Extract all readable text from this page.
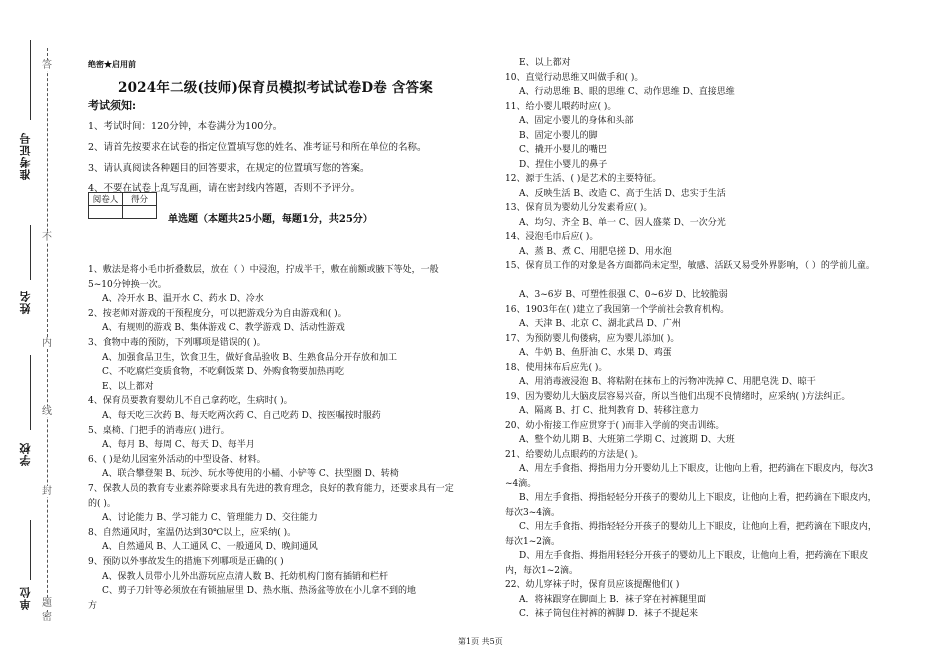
准考证号
姓名
学校
单位
密
封
线
内
不
答
题
绝密★启用前
2024年二级(技师)保育员模拟考试试卷D卷 含答案
考试须知:
1、考试时间：120分钟，本卷满分为100分。
2、请首先按要求在试卷的指定位置填写您的姓名、准考证号和所在单位的名称。
3、请认真阅读各种题目的回答要求，在规定的位置填写您的答案。
4、不要在试卷上乱写乱画，请在密封线内答题，否则不予评分。
阅卷人	得分

单选题（本题共25小题，每题1分，共25分）
1、敷法是将小毛巾折叠数层，放在（ ）中浸泡，拧成半干，敷在前额或腋下等处，一般
5~10分钟换一次。
A、冷开水 B、温开水 C、药水 D、冷水
2、按老师对游戏的干预程度分，可以把游戏分为自由游戏和( )。
A、有规则的游戏 B、集体游戏 C、教学游戏 D、活动性游戏
3、食物中毒的预防，下列哪项是错误的( )。
A、加强食品卫生，饮食卫生，做好食品验收 B、生熟食品分开存放和加工
C、不吃腐烂变质食物，不吃剩饭菜 D、外购食物要加热再吃
E、以上都对
4、保育员要教育婴幼儿不自己拿药吃，生病时( )。
A、每天吃三次药 B、每天吃两次药 C、自己吃药 D、按医嘱按时服药
5、桌椅、门把手的消毒应( )进行。
A、每月 B、每周 C、每天 D、每半月
6、( )是幼儿园室外活动的中型设备、材料。
A、联合攀登架 B、玩沙、玩水等使用的小桶、小铲等 C、扶型圈 D、转椅
7、保教人员的教育专业素养除要求具有先进的教育理念，良好的教育能力，还要求具有一定
的( )。
A、讨论能力 B、学习能力 C、管理能力 D、交往能力
8、自然通风时，室温仍达到30℃以上，应采纳( )。
A、自然通风 B、人工通风 C、一般通风 D、晚间通风
9、预防以外事故发生的措施下列哪项是正确的( )
A、保教人员带小儿外出游玩应点清人数 B、托幼机构门窗有插销和栏杆
C、剪子刀针等必须放在有锁抽屉里 D、热水瓶、热汤盆等放在小儿拿不到的地
方
E、以上都对
10、直觉行动思维又叫做手和( )。
A、行动思维 B、眼的思维 C、动作思维 D、直接思维
11、给小婴儿喂药时应( )。
A、固定小婴儿的身体和头部
B、固定小婴儿的脚
C、撬开小婴儿的嘴巴
D、捏住小婴儿的鼻子
12、源于生活、( )是艺术的主要特征。
A、反映生活 B、改造 C、高于生活 D、忠实于生活
13、保育员为婴幼儿分发素肴应( )。
A、均匀、齐全 B、单一 C、因人盛菜 D、一次分光
14、浸泡毛巾后应( )。
A、蒸 B、煮 C、用肥皂搓 D、用水泡
15、保育员工作的对象是各方面都尚未定型，敏感、活跃又易受外界影响，（ ）的学前儿童。
A、3~6岁 B、可塑性很强 C、0~6岁 D、比较脆弱
16、1903年在( )建立了我国第一个学前社会教育机构。
A、天津 B、北京 C、湖北武昌 D、广州
17、为预防婴儿佝偻病，应为婴儿添加( )。
A、牛奶 B、鱼肝油 C、水果 D、鸡蛋
18、使用抹布后应先( )。
A、用消毒液浸泡 B、将粘附在抹布上的污物冲洗掉 C、用肥皂洗 D、晾干
19、因为婴幼儿大脑皮层容易兴奋，所以当他们出现不良情绪时，应采纳( )方法纠正。
A、隔离 B、打 C、批判教育 D、转移注意力
20、幼小衔接工作应贯穿于( )而非入学前的突击训练。
A、整个幼儿期 B、大班第二学期 C、过渡期 D、大班
21、给婴幼儿点眼药的方法是( )。
A、用左手食指、拇指用力分开婴幼儿上下眼皮，让他向上看，把药滴在下眼皮内，每次3
~4滴。
B、用左手食指、拇指轻轻分开孩子的婴幼儿上下眼皮，让他向上看，把药滴在下眼皮内，
每次3~4滴。
C、用左手食指、拇指轻轻分开孩子的婴幼儿上下眼皮，让他向上看，把药滴在下眼皮内，
每次1~2滴。
D、用左手食指、拇指用轻轻分开孩子的婴幼儿上下眼皮，让他向上看，把药滴在下眼皮
内，每次1~2滴。
22、幼儿穿袜子时，保育员应该提醒他们( )
A．将袜跟穿在脚面上 B．袜子穿在衬裤腿里面
C．袜子筒包住衬裤的裤脚 D．袜子不提起来
第1页 共5页
